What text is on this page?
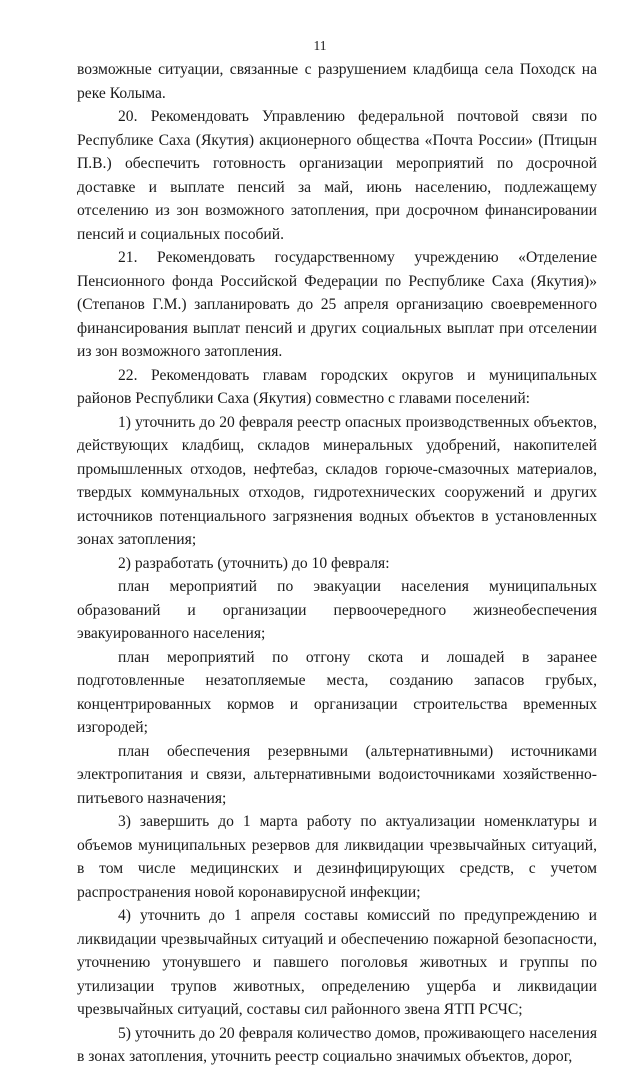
11

возможные ситуации, связанные с разрушением кладбища села Походск на реке Колыма.

20. Рекомендовать Управлению федеральной почтовой связи по Республике Саха (Якутия) акционерного общества «Почта России» (Птицын П.В.) обеспечить готовность организации мероприятий по досрочной доставке и выплате пенсий за май, июнь населению, подлежащему отселению из зон возможного затопления, при досрочном финансировании пенсий и социальных пособий.

21. Рекомендовать государственному учреждению «Отделение Пенсионного фонда Российской Федерации по Республике Саха (Якутия)» (Степанов Г.М.) запланировать до 25 апреля организацию своевременного финансирования выплат пенсий и других социальных выплат при отселении из зон возможного затопления.

22. Рекомендовать главам городских округов и муниципальных районов Республики Саха (Якутия) совместно с главами поселений:

1) уточнить до 20 февраля реестр опасных производственных объектов, действующих кладбищ, складов минеральных удобрений, накопителей промышленных отходов, нефтебаз, складов горюче-смазочных материалов, твердых коммунальных отходов, гидротехнических сооружений и других источников потенциального загрязнения водных объектов в установленных зонах затопления;

2) разработать (уточнить) до 10 февраля:

план мероприятий по эвакуации населения муниципальных образований и организации первоочередного жизнеобеспечения эвакуированного населения;

план мероприятий по отгону скота и лошадей в заранее подготовленные незатопляемые места, созданию запасов грубых, концентрированных кормов и организации строительства временных изгородей;

план обеспечения резервными (альтернативными) источниками электропитания и связи, альтернативными водоисточниками хозяйственно-питьевого назначения;

3) завершить до 1 марта работу по актуализации номенклатуры и объемов муниципальных резервов для ликвидации чрезвычайных ситуаций, в том числе медицинских и дезинфицирующих средств, с учетом распространения новой коронавирусной инфекции;

4) уточнить до 1 апреля составы комиссий по предупреждению и ликвидации чрезвычайных ситуаций и обеспечению пожарной безопасности, уточнению утонувшего и павшего поголовья животных и группы по утилизации трупов животных, определению ущерба и ликвидации чрезвычайных ситуаций, составы сил районного звена ЯТП РСЧС;

5) уточнить до 20 февраля количество домов, проживающего населения в зонах затопления, уточнить реестр социально значимых объектов, дорог,
